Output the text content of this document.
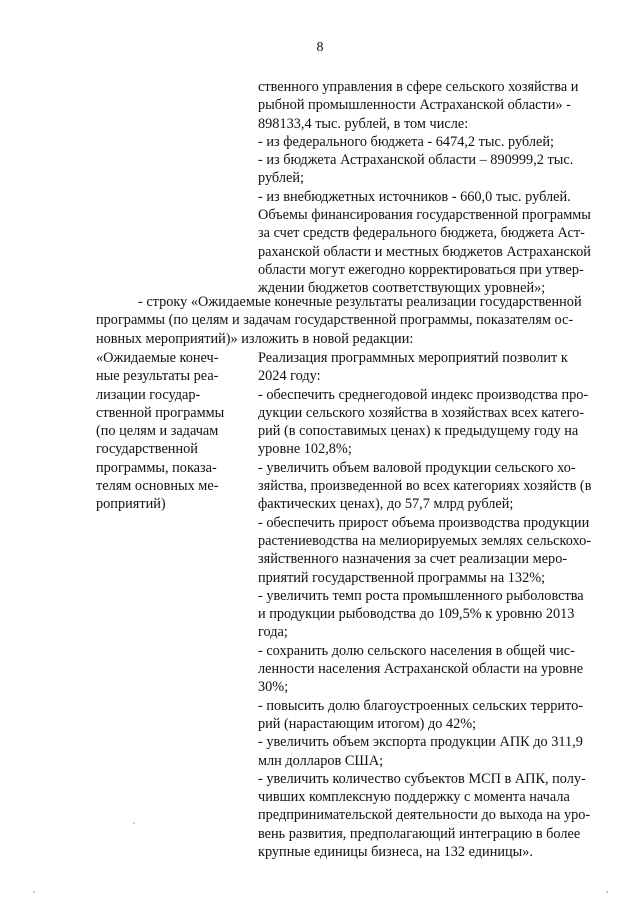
8
ственного управления в сфере сельского хозяйства и
рыбной промышленности Астраханской области» -
898133,4 тыс. рублей, в том числе:
- из федерального бюджета - 6474,2 тыс. рублей;
- из бюджета Астраханской области – 890999,2 тыс.
рублей;
- из внебюджетных источников - 660,0 тыс. рублей.
Объемы финансирования государственной программы
за счет средств федерального бюджета, бюджета Аст-
раханской области и местных бюджетов Астраханской
области могут ежегодно корректироваться при утвер-
ждении бюджетов соответствующих уровней»;
- строку «Ожидаемые конечные результаты реализации государственной
программы (по целям и задачам государственной программы, показателям ос-
новных мероприятий)» изложить в новой редакции:
«Ожидаемые конеч-
ные результаты реа-
лизации государ-
ственной программы
(по целям и задачам
государственной
программы, показа-
телям основных ме-
роприятий)
Реализация программных мероприятий позволит к
2024 году:
- обеспечить среднегодовой индекс производства про-
дукции сельского хозяйства в хозяйствах всех катего-
рий (в сопоставимых ценах) к предыдущему году на
уровне 102,8%;
- увеличить объем валовой продукции сельского хо-
зяйства, произведенной во всех категориях хозяйств (в
фактических ценах), до 57,7 млрд рублей;
- обеспечить прирост объема производства продукции
растениеводства на мелиорируемых землях сельскохо-
зяйственного назначения за счет реализации меро-
приятий государственной программы на 132%;
- увеличить темп роста промышленного рыболовства
и продукции рыбоводства до 109,5% к уровню 2013
года;
- сохранить долю сельского населения в общей чис-
ленности населения Астраханской области на уровне
30%;
- повысить долю благоустроенных сельских террито-
рий (нарастающим итогом) до 42%;
- увеличить объем экспорта продукции АПК до 311,9
млн долларов США;
- увеличить количество субъектов МСП в АПК, полу-
чивших комплексную поддержку с момента начала
предпринимательской деятельности до выхода на уро-
вень развития, предполагающий интеграцию в более
крупные единицы бизнеса, на 132 единицы».
